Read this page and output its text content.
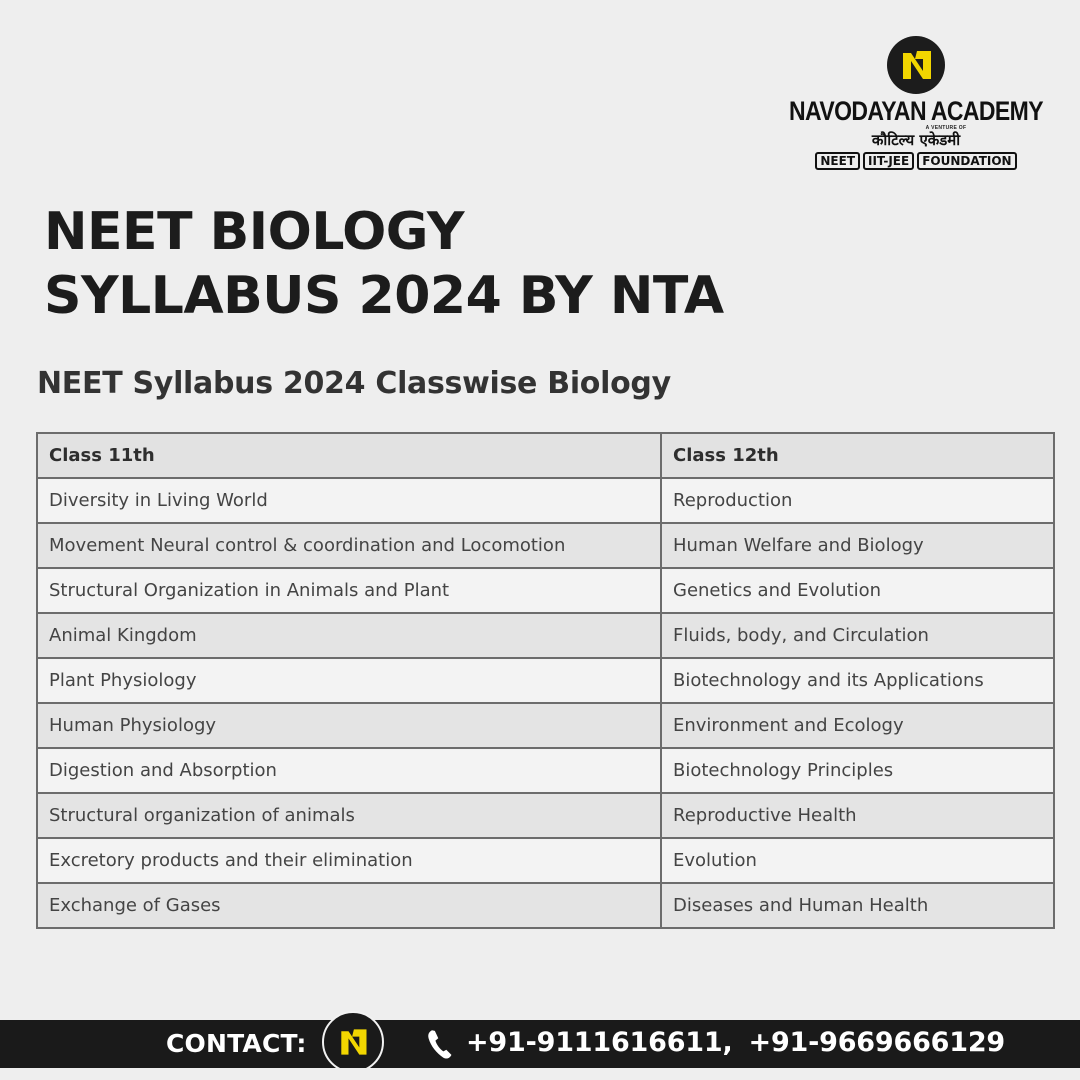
NAVODAYAN ACADEMY
A VENTURE OF
कौटिल्य एकेडमी
NEET	IIT-JEE	FOUNDATION
NEET BIOLOGY
SYLLABUS 2024 BY NTA
NEET Syllabus 2024 Classwise Biology
Class 11th	Class 12th
Diversity in Living World	Reproduction
Movement Neural control & coordination and Locomotion	Human Welfare and Biology
Structural Organization in Animals and Plant	Genetics and Evolution
Animal Kingdom	Fluids, body, and Circulation
Plant Physiology	Biotechnology and its Applications
Human Physiology	Environment and Ecology
Digestion and Absorption	Biotechnology Principles
Structural organization of animals	Reproductive Health
Excretory products and their elimination	Evolution
Exchange of Gases	Diseases and Human Health
CONTACT:	+91-9111616611, +91-9669666129
